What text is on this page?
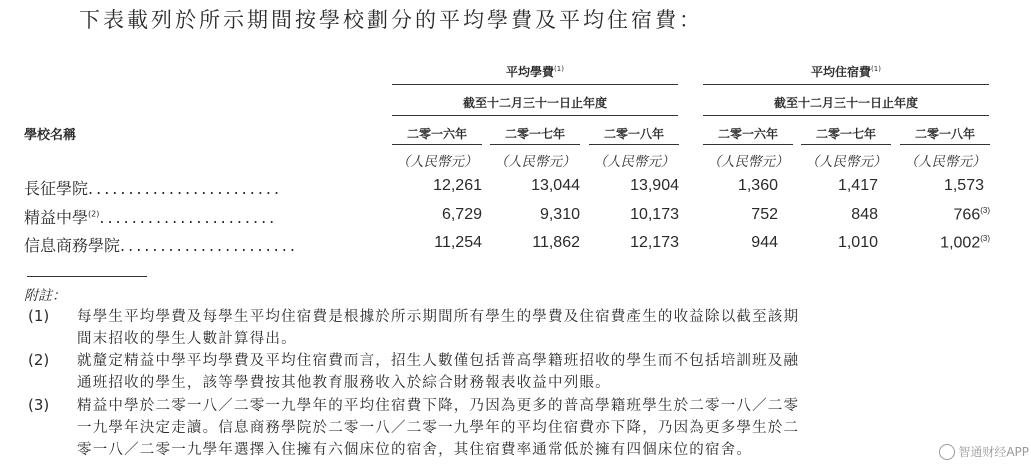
下表載列於所示期間按學校劃分的平均學費及平均住宿費：
平均學費$^{(1)}$	平均住宿費$^{(1)}$
截至十二月三十一日止年度	截至十二月三十一日止年度
學校名稱	二零一六年	二零一七年	二零一八年	二零一六年	二零一七年	二零一八年
（人民幣元）	（人民幣元）	（人民幣元）	（人民幣元）	（人民幣元）	（人民幣元）
長征學院........................	12,261	13,044	13,904	1,360	1,417	1,573
精益中學$^{(2)}$......................	6,729	9,310	10,173	752	848	766$^{(3)}$
信息商務學院......................	11,254	11,862	12,173	944	1,010	1,002$^{(3)}$
附註：
(1) 每學生平均學費及每學生平均住宿費是根據於所示期間所有學生的學費及住宿費產生的收益除以截至該期
間末招收的學生人數計算得出。
(2) 就釐定精益中學平均學費及平均住宿費而言，招生人數僅包括普高學籍班招收的學生而不包括培訓班及融
通班招收的學生，該等學費按其他教育服務收入於綜合財務報表收益中列賬。
(3) 精益中學於二零一八／二零一九學年的平均住宿費下降，乃因為更多的普高學籍班學生於二零一八／二零
一九學年決定走讀。信息商務學院於二零一八／二零一九學年的平均住宿費亦下降，乃因為更多學生於二
零一八／二零一九學年選擇入住擁有六個床位的宿舍，其住宿費率通常低於擁有四個床位的宿舍。	智通财经APP
